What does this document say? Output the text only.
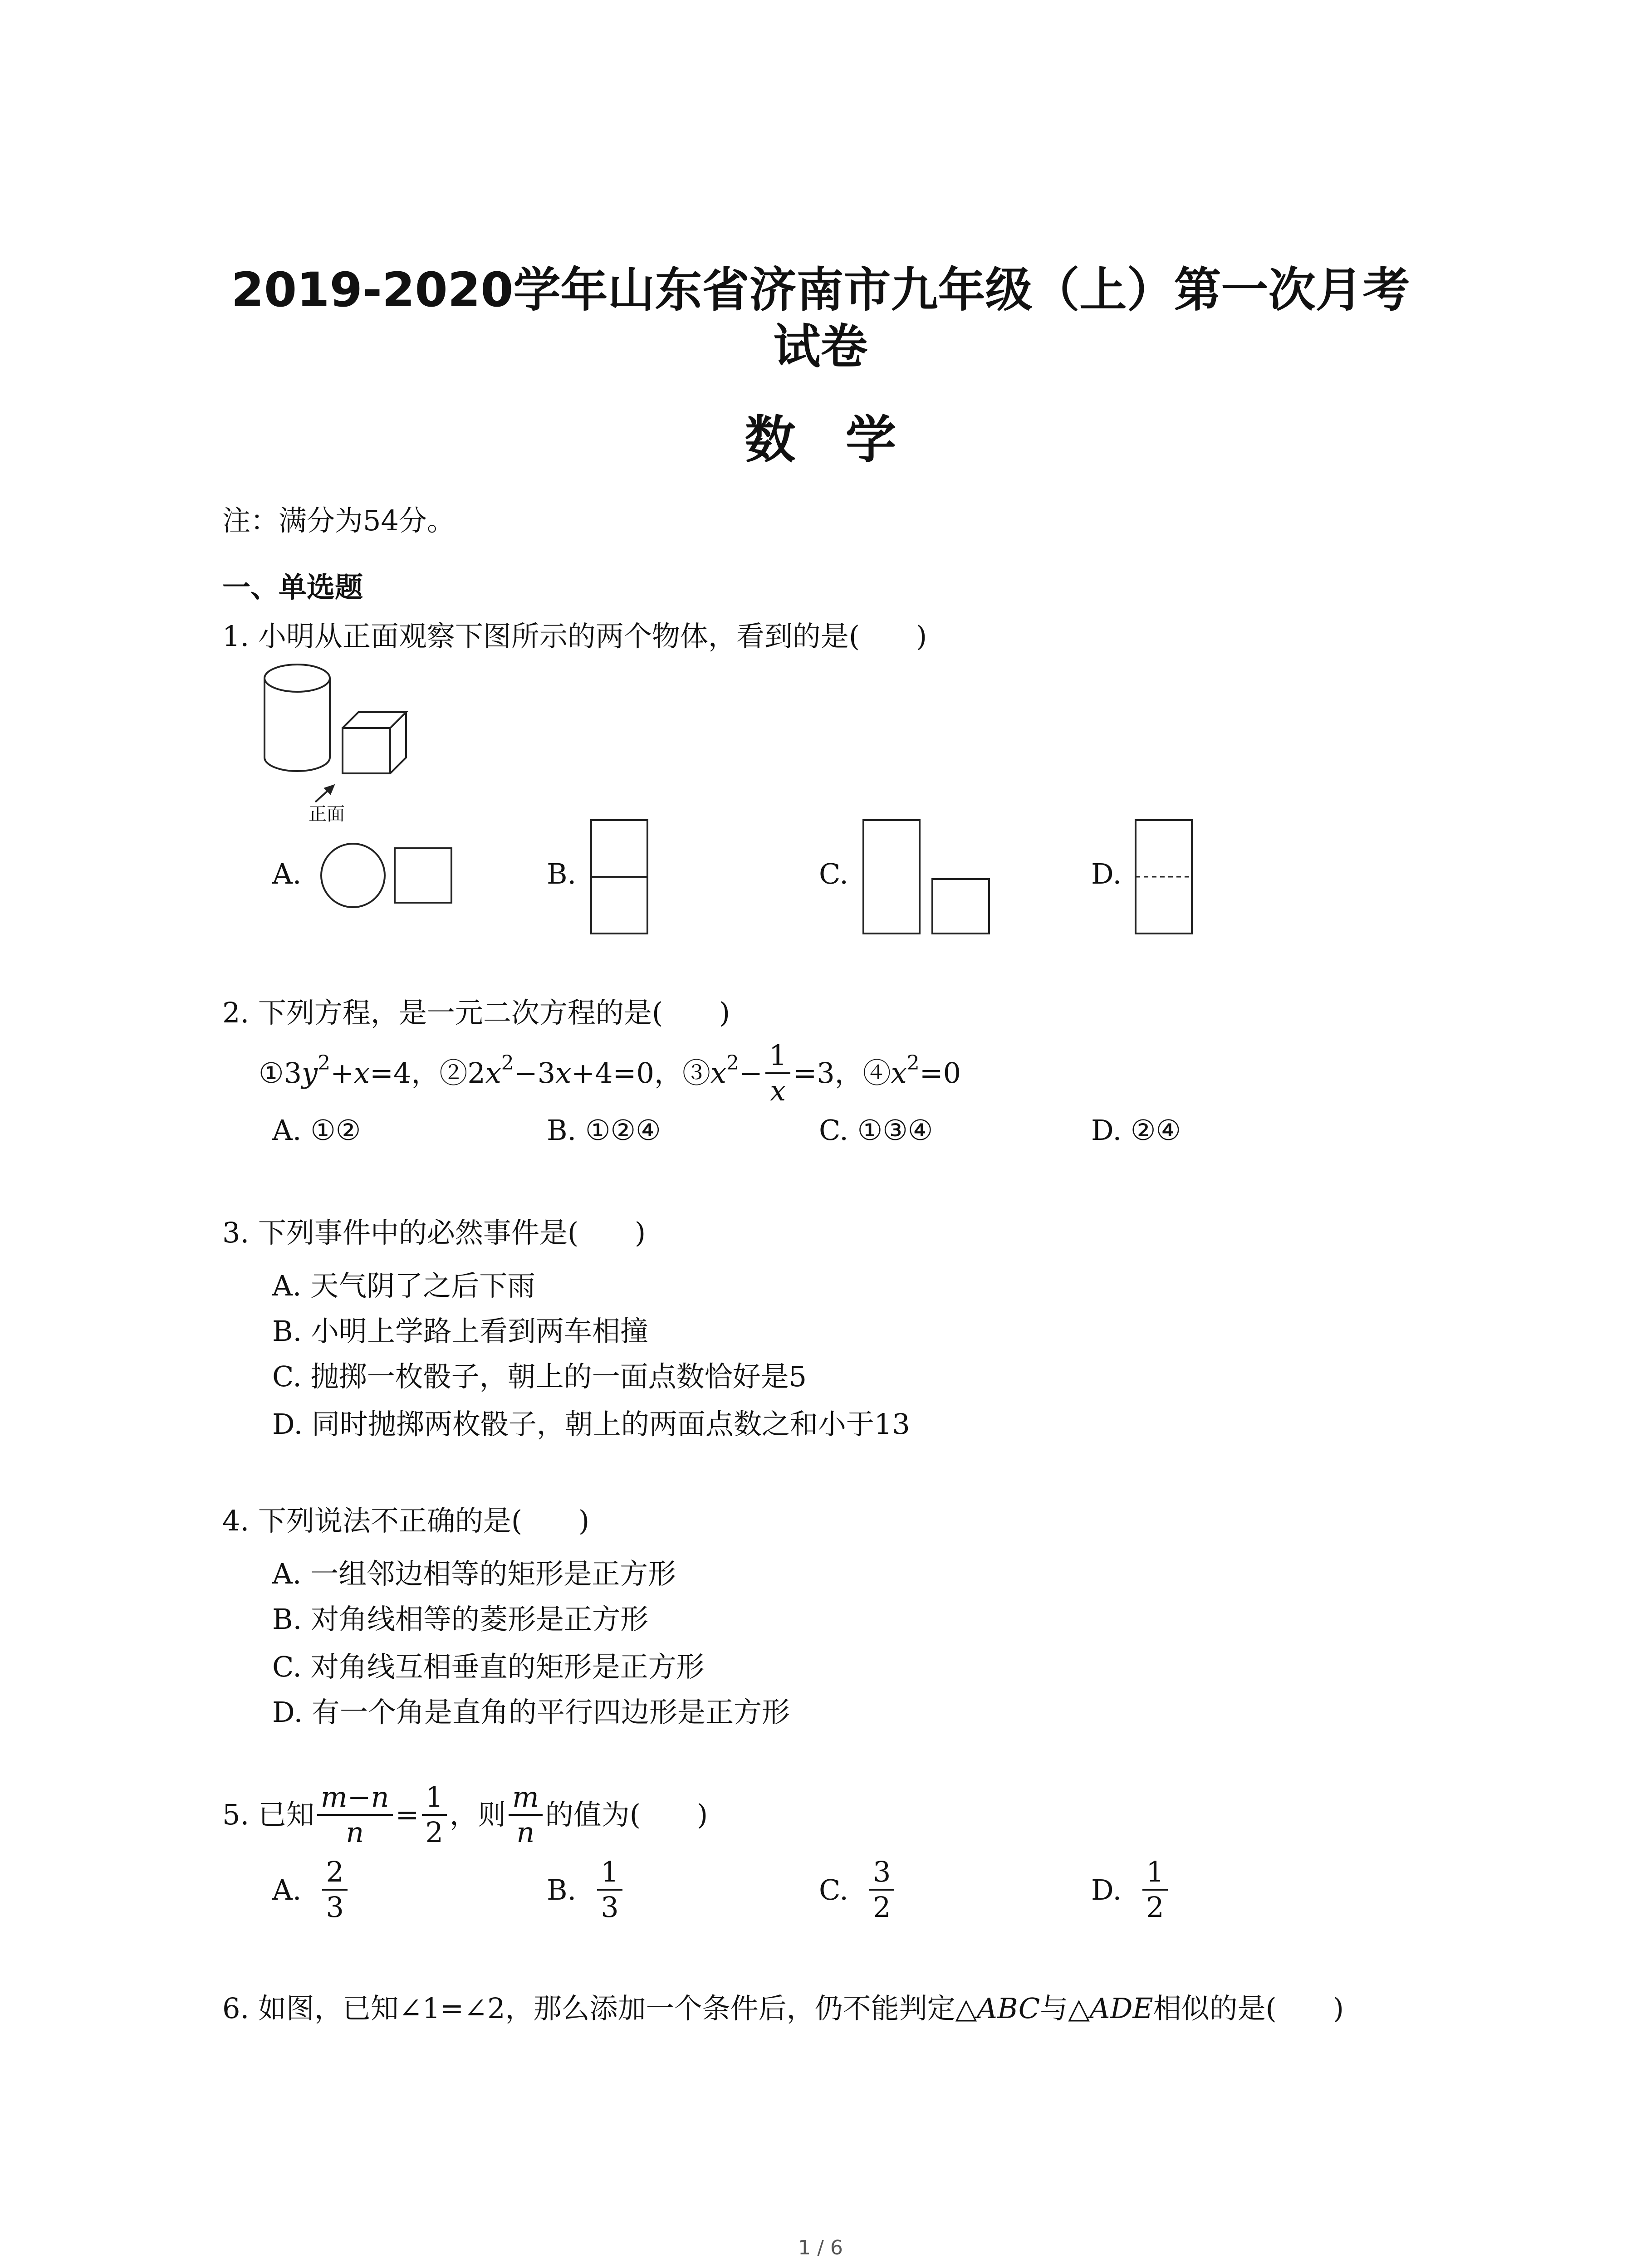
2019-2020学年山东省济南市九年级（上）第一次月考
试卷
数学
注：满分为54分。
一、单选题
1. 小明从正面观察下图所示的两个物体，看到的是(　　)
正面
A.	B.	C.	D.
2. 下列方程，是一元二次方程的是(　　)
①3 $y^2 + x =4$，②2 $x^2 -3$ x +4=0，③ $x^2 - \frac{1}{x} =3$，④ $x^2 =0$
A. ①②	B. ①②④	C. ①③④	D. ②④
3. 下列事件中的必然事件是(　　)
A. 天气阴了之后下雨
B. 小明上学路上看到两车相撞
C. 抛掷一枚骰子，朝上的一面点数恰好是5
D. 同时抛掷两枚骰子，朝上的两面点数之和小于13
4. 下列说法不正确的是(　　)
A. 一组邻边相等的矩形是正方形
B. 对角线相等的菱形是正方形
C. 对角线互相垂直的矩形是正方形
D. 有一个角是直角的平行四边形是正方形
5. 已知 $\frac{m-n}{n} = \frac{1}{2}$ ，则 $\frac{m}{n}$ 的值为(　　)
A. $\frac{2}{3}$	B. $\frac{1}{3}$	C. $\frac{3}{2}$	D. $\frac{1}{2}$
6. 如图，已知∠1=∠2，那么添加一个条件后，仍不能判定△ABC与△ADE相似的是(　　)
1 / 6
